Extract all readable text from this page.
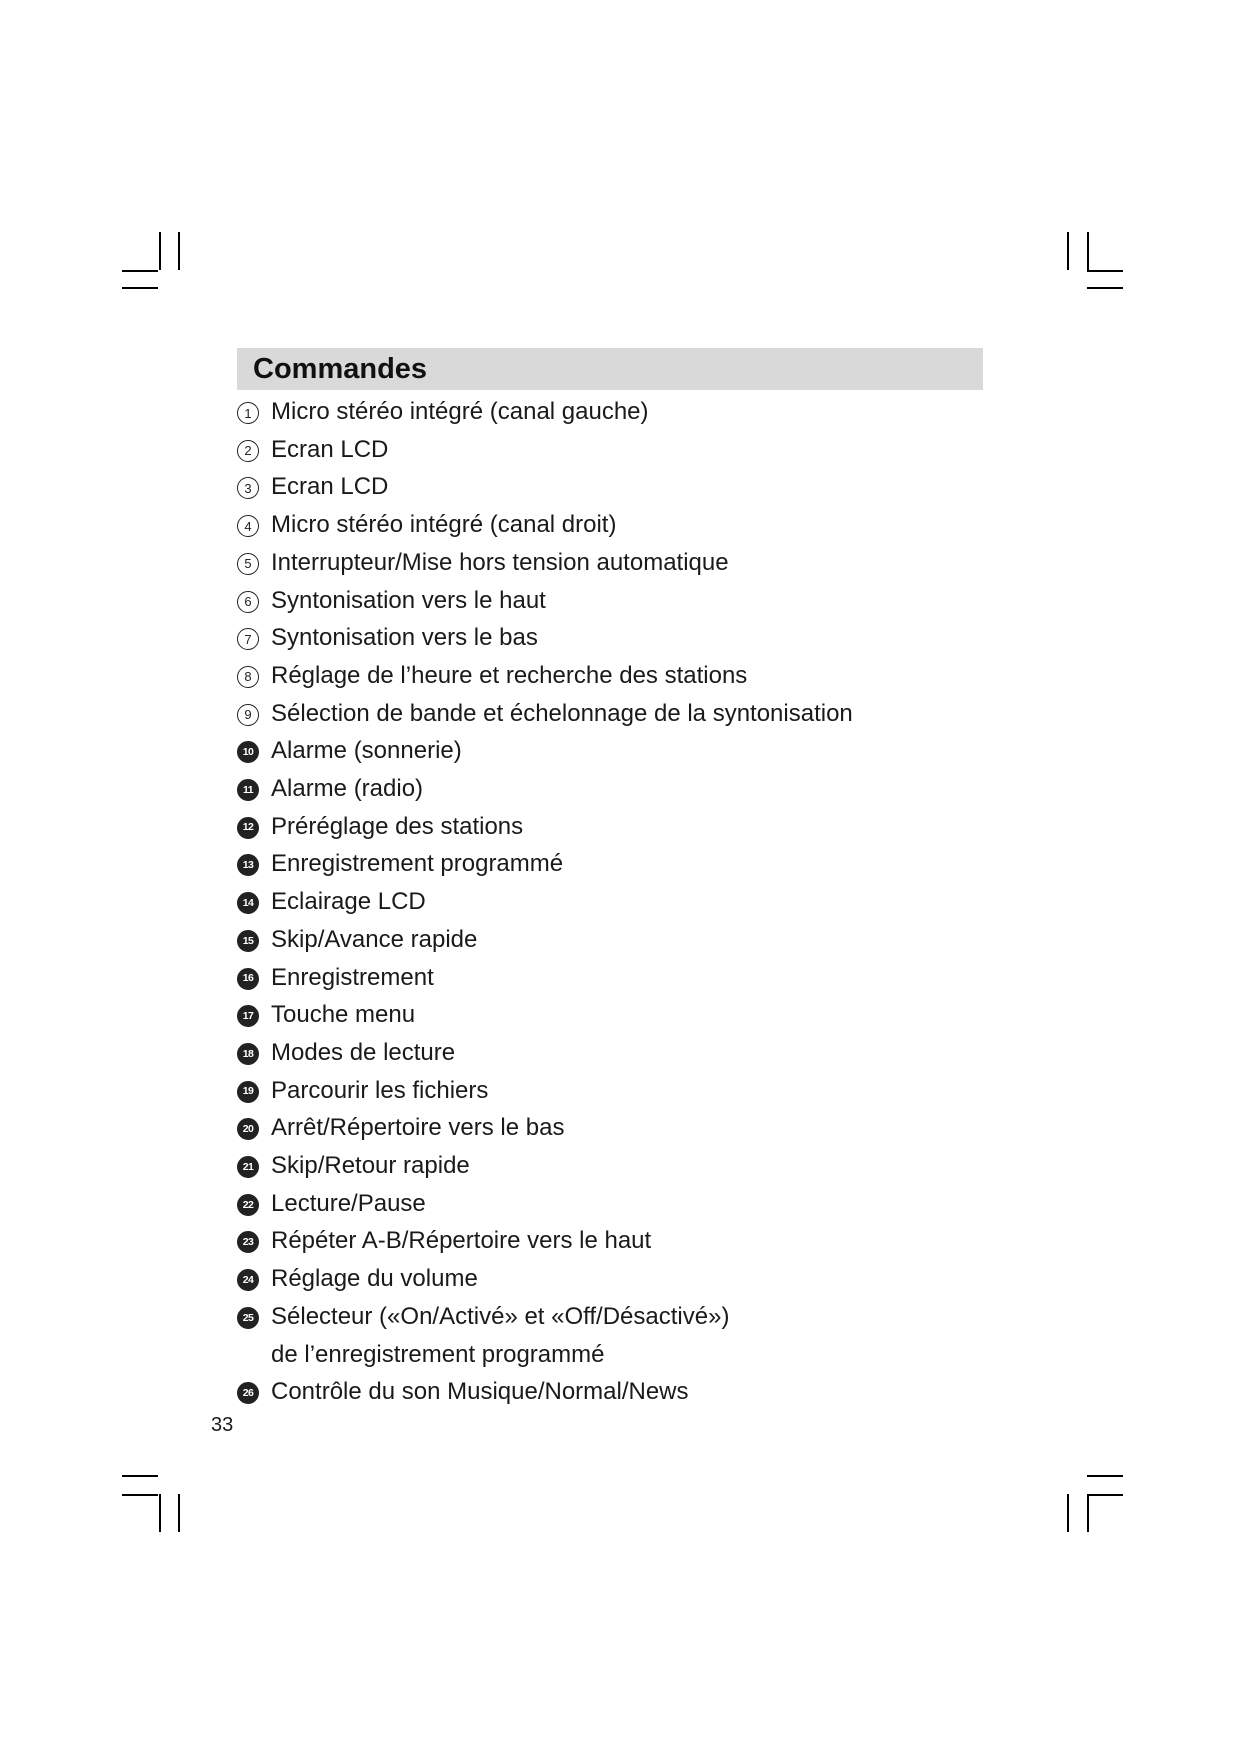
Commandes
1 Micro stéréo intégré (canal gauche)
2 Ecran LCD
3 Ecran LCD
4 Micro stéréo intégré (canal droit)
5 Interrupteur/Mise hors tension automatique
6 Syntonisation vers le haut
7 Syntonisation vers le bas
8 Réglage de l’heure et recherche des stations
9 Sélection de bande et échelonnage de la syntonisation
10 Alarme (sonnerie)
11 Alarme (radio)
12 Préréglage des stations
13 Enregistrement programmé
14 Eclairage LCD
15 Skip/Avance rapide
16 Enregistrement
17 Touche menu
18 Modes de lecture
19 Parcourir les fichiers
20 Arrêt/Répertoire vers le bas
21 Skip/Retour rapide
22 Lecture/Pause
23 Répéter A-B/Répertoire vers le haut
24 Réglage du volume
25 Sélecteur («On/Activé» et «Off/Désactivé»)
de l’enregistrement programmé
26 Contrôle du son Musique/Normal/News
33
